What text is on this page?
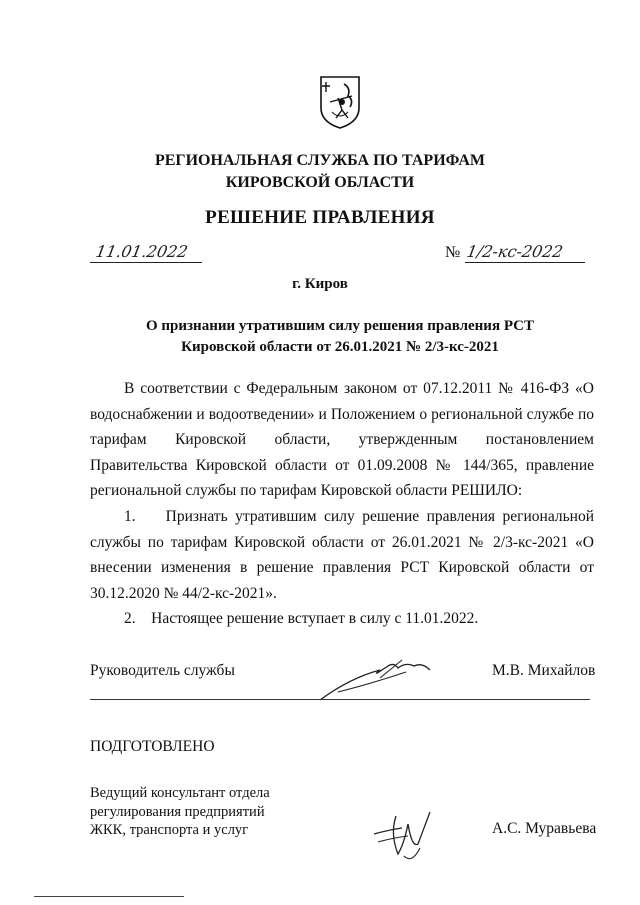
РЕГИОНАЛЬНАЯ СЛУЖБА ПО ТАРИФАМ
КИРОВСКОЙ ОБЛАСТИ
РЕШЕНИЕ ПРАВЛЕНИЯ
11.01.2022	№ 1/2-кс-2022
г. Киров
О признании утратившим силу решения правления РСТ
Кировской области от 26.01.2021 № 2/3-кс-2021

В соответствии с Федеральным законом от 07.12.2011 № 416-ФЗ «О водоснабжении и водоотведении» и Положением о региональной службе по тарифам Кировской области, утвержденным постановлением Правительства Кировской области от 01.09.2008 № 144/365, правление региональной службы по тарифам Кировской области РЕШИЛО:

1.    Признать утратившим силу решение правления региональной службы по тарифам Кировской области от 26.01.2021 № 2/3-кс-2021 «О внесении изменения в решение правления РСТ Кировской области от 30.12.2020 № 44/2-кс-2021».

2.    Настоящее решение вступает в силу с 11.01.2022.

Руководитель службы	М.В. Михайлов
ПОДГОТОВЛЕНО
Ведущий консультант отдела
регулирования предприятий
ЖКК, транспорта и услуг	А.С. Муравьева
